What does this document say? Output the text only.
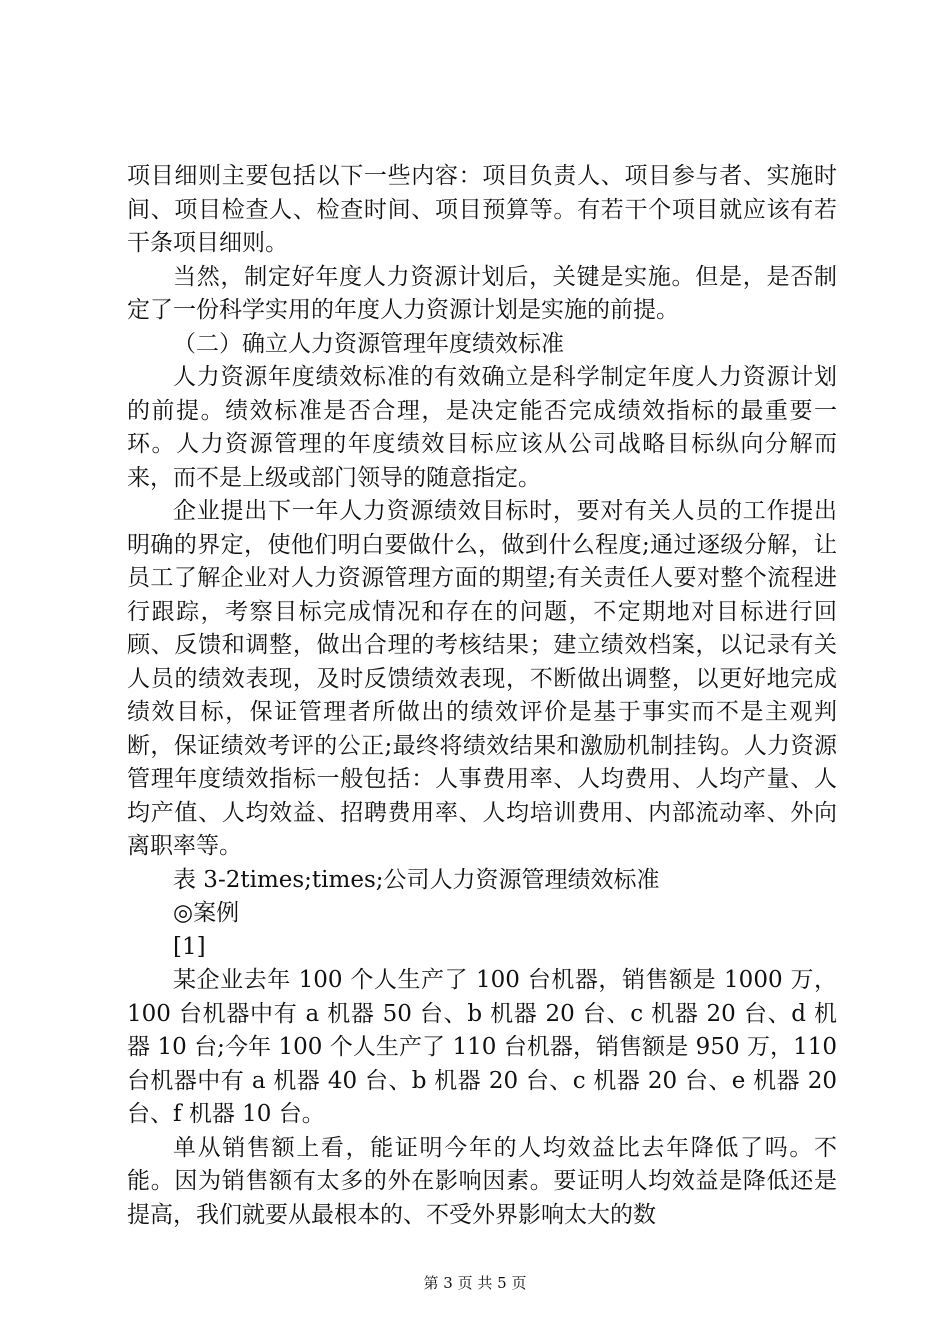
项目细则主要包括以下一些内容：项目负责人、项目参与者、实施时间、项目检查人、检查时间、项目预算等。有若干个项目就应该有若干条项目细则。

当然，制定好年度人力资源计划后，关键是实施。但是，是否制定了一份科学实用的年度人力资源计划是实施的前提。

（二）确立人力资源管理年度绩效标准

人力资源年度绩效标准的有效确立是科学制定年度人力资源计划的前提。绩效标准是否合理，是决定能否完成绩效指标的最重要一环。人力资源管理的年度绩效目标应该从公司战略目标纵向分解而来，而不是上级或部门领导的随意指定。

企业提出下一年人力资源绩效目标时，要对有关人员的工作提出明确的界定，使他们明白要做什么，做到什么程度;通过逐级分解，让员工了解企业对人力资源管理方面的期望;有关责任人要对整个流程进行跟踪，考察目标完成情况和存在的问题，不定期地对目标进行回顾、反馈和调整，做出合理的考核结果；建立绩效档案，以记录有关人员的绩效表现，及时反馈绩效表现，不断做出调整，以更好地完成绩效目标，保证管理者所做出的绩效评价是基于事实而不是主观判断，保证绩效考评的公正;最终将绩效结果和激励机制挂钩。人力资源管理年度绩效指标一般包括：人事费用率、人均费用、人均产量、人均产值、人均效益、招聘费用率、人均培训费用、内部流动率、外向离职率等。

表 3-2times;times;公司人力资源管理绩效标准

◎案例

[1]

某企业去年 100 个人生产了 100 台机器，销售额是 1000 万，100 台机器中有 a 机器 50 台、b 机器 20 台、c 机器 20 台、d 机器 10 台;今年 100 个人生产了 110 台机器，销售额是 950 万，110 台机器中有 a 机器 40 台、b 机器 20 台、c 机器 20 台、e 机器 20 台、f 机器 10 台。

单从销售额上看，能证明今年的人均效益比去年降低了吗。不能。因为销售额有太多的外在影响因素。要证明人均效益是降低还是提高，我们就要从最根本的、不受外界影响太大的数

第 3 页 共 5 页
